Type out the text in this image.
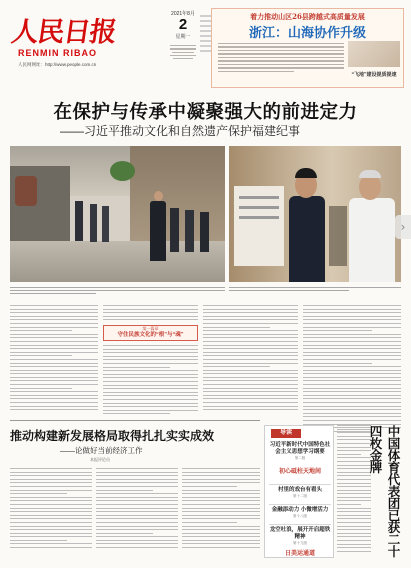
人民日报
RENMIN RIBAO
人民网网址：http://www.people.com.cn
2021年8月
2
星期一
着力推动山区26县跨越式高质量发展
浙江：山海协作升级
“飞地”建设提质提速
在保护与传承中凝聚强大的前进定力
——习近平推动文化和自然遗产保护福建纪事
第一篇章
守住民族文化的“根”与“魂”
推动构建新发展格局取得扎扎实实成效
——论做好当前经济工作
本报评论员
导读
习近平新时代中国特色社会主义思想学习纲要
第二版
初心砥柱天地间
村里的戏台有看头
第十二版
金融添动力 小微增活力
第十八版
龙空吐浪，展开开启超铁精神
第十九版
日美运通道	中国体育代表团已获二十四枚金牌
›
